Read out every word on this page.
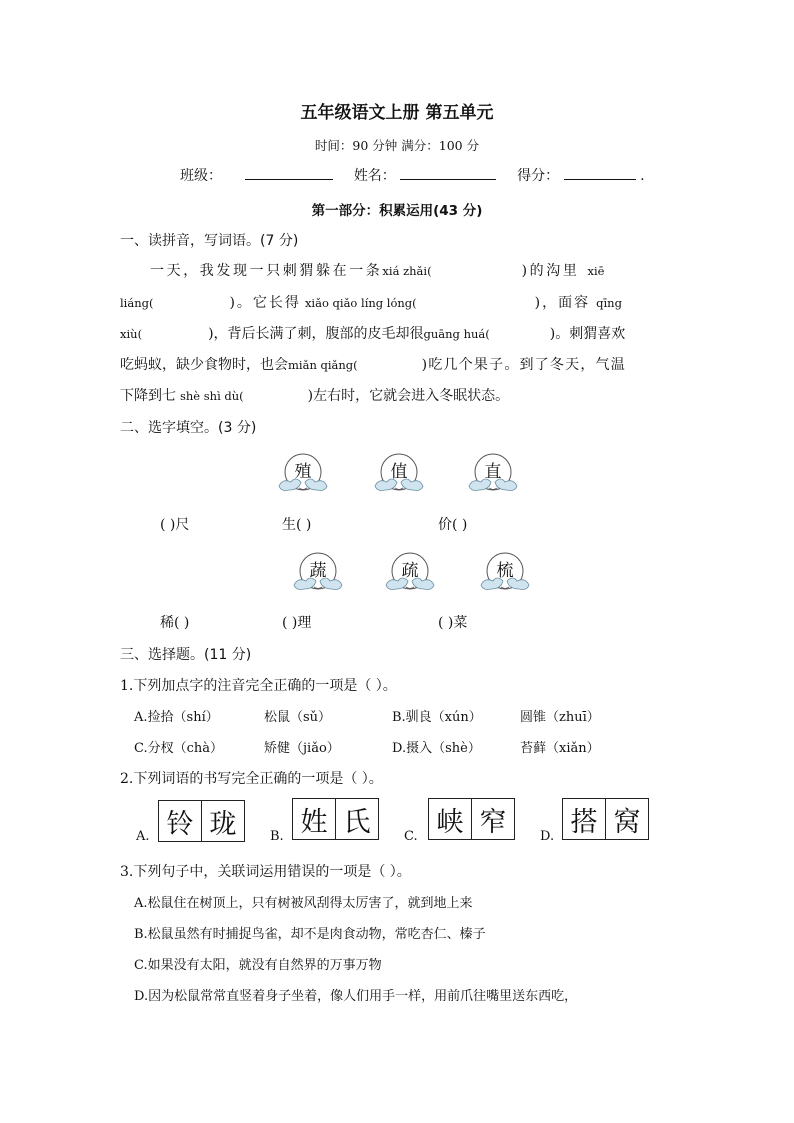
五年级语文上册 第五单元
时间：90 分钟 满分：100 分
班级：	姓名：	得分：	.
第一部分：积累运用(43 分)
一、读拼音，写词语。(7 分)
一天，我发现一只刺猬躲在一条xiá zhǎi(	)的沟里 xiē
liáng(	)。它长得 xiǎo qiǎo líng lóng(	)，面容 qīng
xiù(	)，背后长满了刺，腹部的皮毛却很guāng huá(	)。刺猬喜欢
吃蚂蚁，缺少食物时，也会miǎn qiǎng(	)吃几个果子。到了冬天，气温
下降到七 shè shì dù(	)左右时，它就会进入冬眠状态。
二、选字填空。(3 分)
殖	值	直
( )尺	生( )	价( )
蔬	疏	梳
稀( )	( )理	( )菜
三、选择题。(11 分)
1.下列加点字的注音完全正确的一项是（ ）。
A.捡拾（shí）	松鼠（sǔ）	B.驯良（xún）	圆锥（zhuī）
C.分杈（chà）	矫健（jiǎo）	D.摄入（shè）	苔藓（xiǎn）
2.下列词语的书写完全正确的一项是（ ）。
A. 铃 珑	B. 姓 氏	C. 峡 窄	D. 搭 窝
3.下列句子中，关联词运用错误的一项是（ ）。
A.松鼠住在树顶上，只有树被风刮得太厉害了，就到地上来
B.松鼠虽然有时捕捉鸟雀，却不是肉食动物，常吃杏仁、榛子
C.如果没有太阳，就没有自然界的万事万物
D.因为松鼠常常直竖着身子坐着，像人们用手一样，用前爪往嘴里送东西吃，
